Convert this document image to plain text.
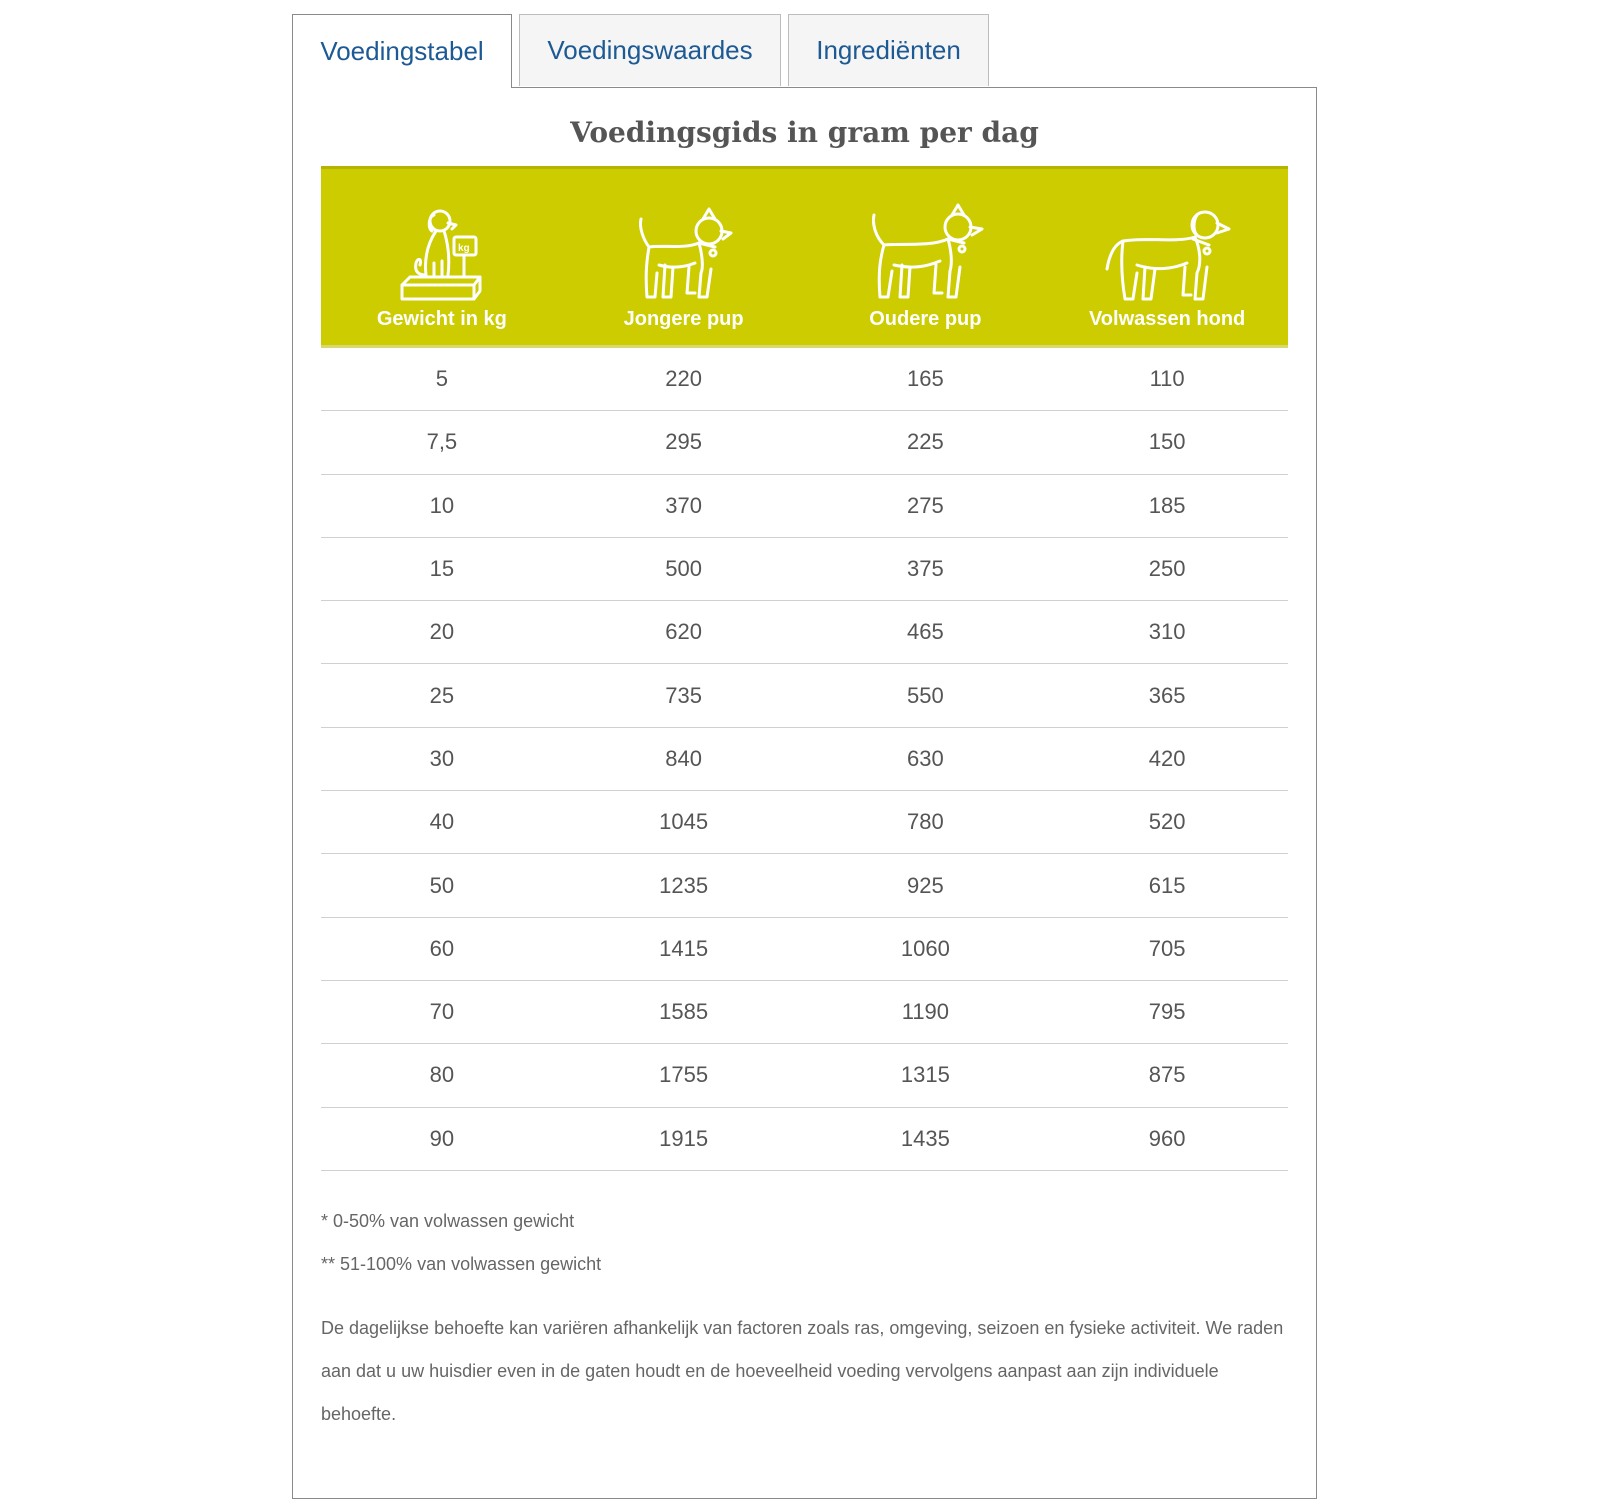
Voedingstabel Voedingswaardes Ingrediënten
Voedingsgids in gram per dag
kg
Gewicht in kg	Jongere pup	Oudere pup	Volwassen hond
5	220	165	110
7,5	295	225	150
10	370	275	185
15	500	375	250
20	620	465	310
25	735	550	365
30	840	630	420
40	1045	780	520
50	1235	925	615
60	1415	1060	705
70	1585	1190	795
80	1755	1315	875
90	1915	1435	960

* 0-50% van volwassen gewicht

** 51-100% van volwassen gewicht

De dagelijkse behoefte kan variëren afhankelijk van factoren zoals ras, omgeving, seizoen en fysieke activiteit. We raden aan dat u uw huisdier even in de gaten houdt en de hoeveelheid voeding vervolgens aanpast aan zijn individuele behoefte.
